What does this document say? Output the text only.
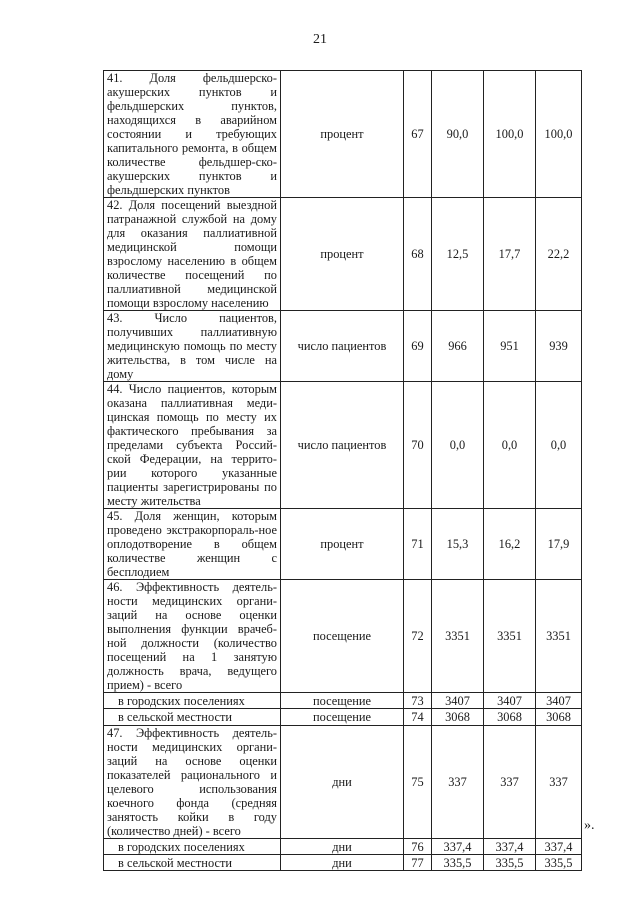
21
41. Доля фельдшерско-акушерских пунктов и фельдшерских пунктов, находящихся в аварийном состоянии и требующих капитального ремонта, в общем количестве фельдшер-ско-акушерских пунктов и фельдшерских пунктов	процент	67	90,0	100,0	100,0
42. Доля посещений выездной патранажной службой на дому для оказания паллиативной медицинской помощи взрослому населению в общем количестве посещений по паллиативной медицинской помощи взрослому населению	процент	68	12,5	17,7	22,2
43. Число пациентов, получивших паллиативную медицинскую помощь по месту жительства, в том числе на дому	число пациентов	69	966	951	939
44. Число пациентов, которым оказана паллиативная меди-цинская помощь по месту их фактического пребывания за пределами субъекта Россий-ской Федерации, на террито-рии которого указанные пациенты зарегистрированы по месту жительства	число пациентов	70	0,0	0,0	0,0
45. Доля женщин, которым проведено экстракорпораль-ное оплодотворение в общем количестве женщин с бесплодием	процент	71	15,3	16,2	17,9
46. Эффективность деятель-ности медицинских органи-заций на основе оценки выполнения функции врачеб-ной должности (количество посещений на 1 занятую должность врача, ведущего прием) - всего	посещение	72	3351	3351	3351
в городских поселениях	посещение	73	3407	3407	3407
в сельской местности	посещение	74	3068	3068	3068
47. Эффективность деятель-ности медицинских органи-заций на основе оценки показателей рационального и целевого использования коечного фонда (средняя занятость койки в году (количество дней) - всего	дни	75	337	337	337
в городских поселениях	дни	76	337,4	337,4	337,4
в сельской местности	дни	77	335,5	335,5	335,5
».
